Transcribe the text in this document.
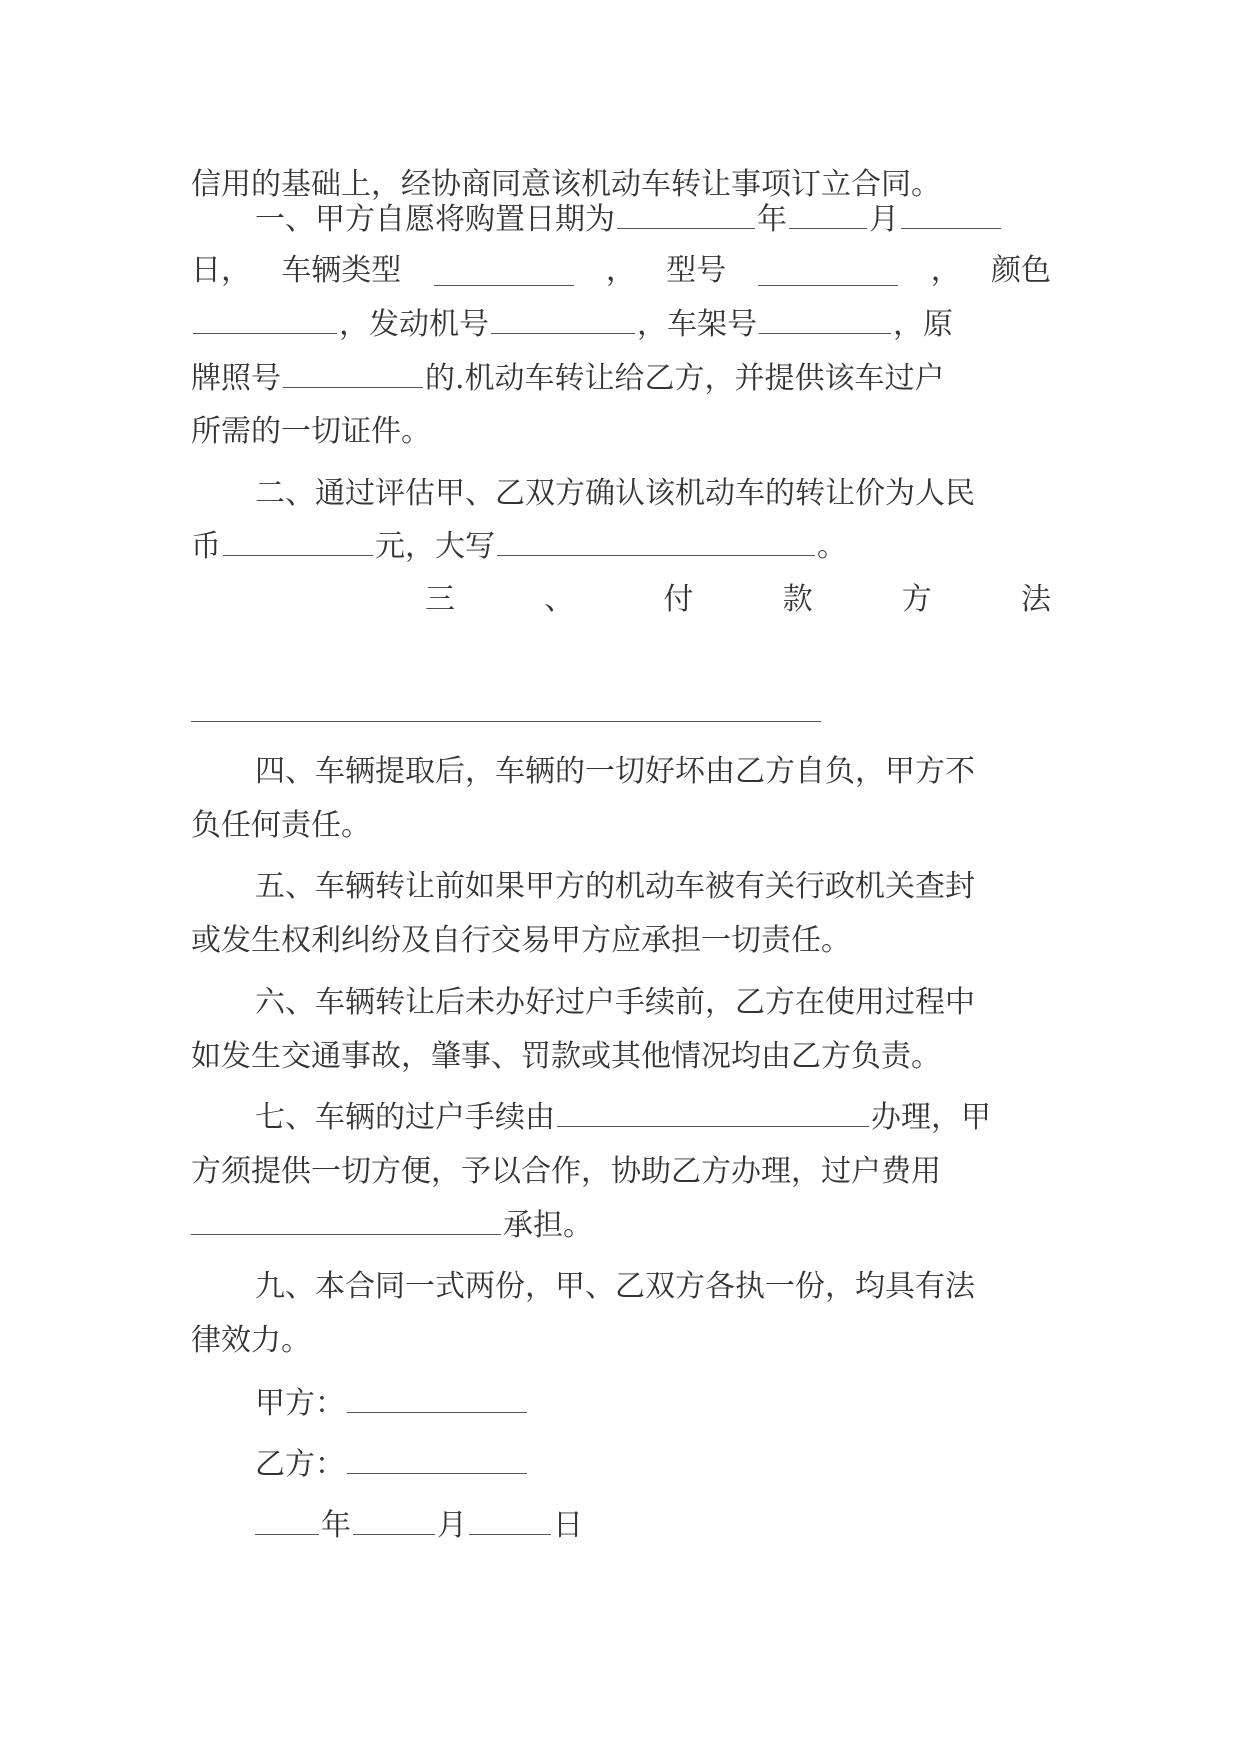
信用的基础上，经协商同意该机动车转让事项订立合同。

一、甲方自愿将购置日期为	年	月

日， 车辆类型	， 型号	， 颜色

，发动机号	，车架号	，原

牌照号	的.机动车转让给乙方，并提供该车过户

所需的一切证件。

二、通过评估甲、乙双方确认该机动车的转让价为人民

币	元，大写	。

三	、	付	款	方	法

四、车辆提取后，车辆的一切好坏由乙方自负，甲方不

负任何责任。

五、车辆转让前如果甲方的机动车被有关行政机关查封

或发生权利纠纷及自行交易甲方应承担一切责任。

六、车辆转让后未办好过户手续前，乙方在使用过程中

如发生交通事故，肇事、罚款或其他情况均由乙方负责。

七、车辆的过户手续由	办理，甲

方须提供一切方便，予以合作，协助乙方办理，过户费用

承担。

九、本合同一式两份，甲、乙双方各执一份，均具有法

律效力。

甲方：

乙方：

年	月	日
